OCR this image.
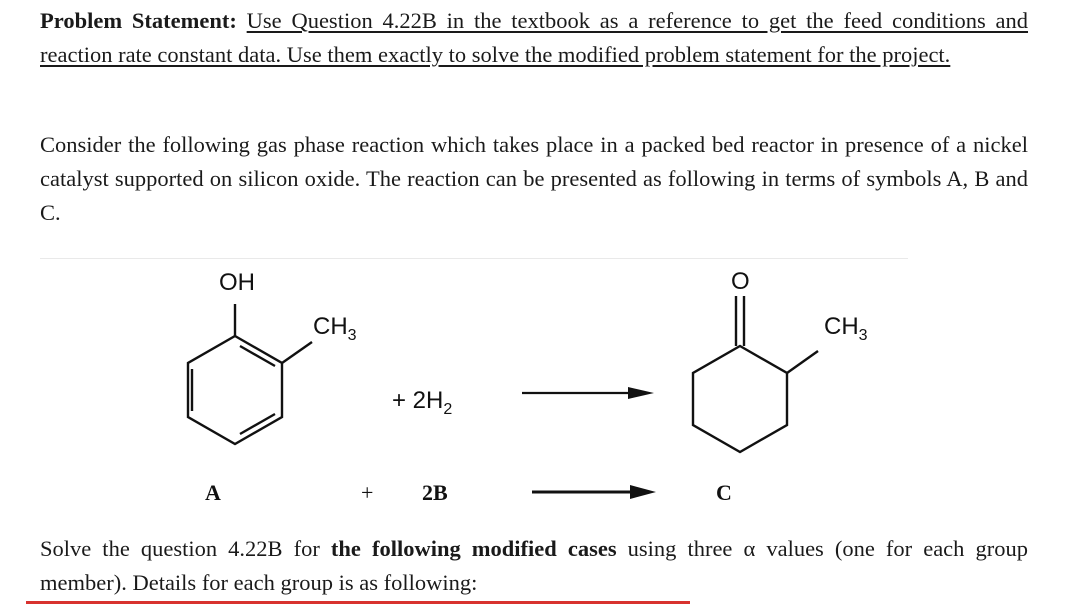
Problem Statement: Use Question 4.22B in the textbook as a reference to get the feed conditions and reaction rate constant data. Use them exactly to solve the modified problem statement for the project.
Consider the following gas phase reaction which takes place in a packed bed reactor in presence of a nickel catalyst supported on silicon oxide. The reaction can be presented as following in terms of symbols A, B and C.
OH
$CH_3$
+ $2H_2$
O
$CH_3$
A	+ 2B	C
Solve the question 4.22B for the following modified cases using three α values (one for each group member). Details for each group is as following:
